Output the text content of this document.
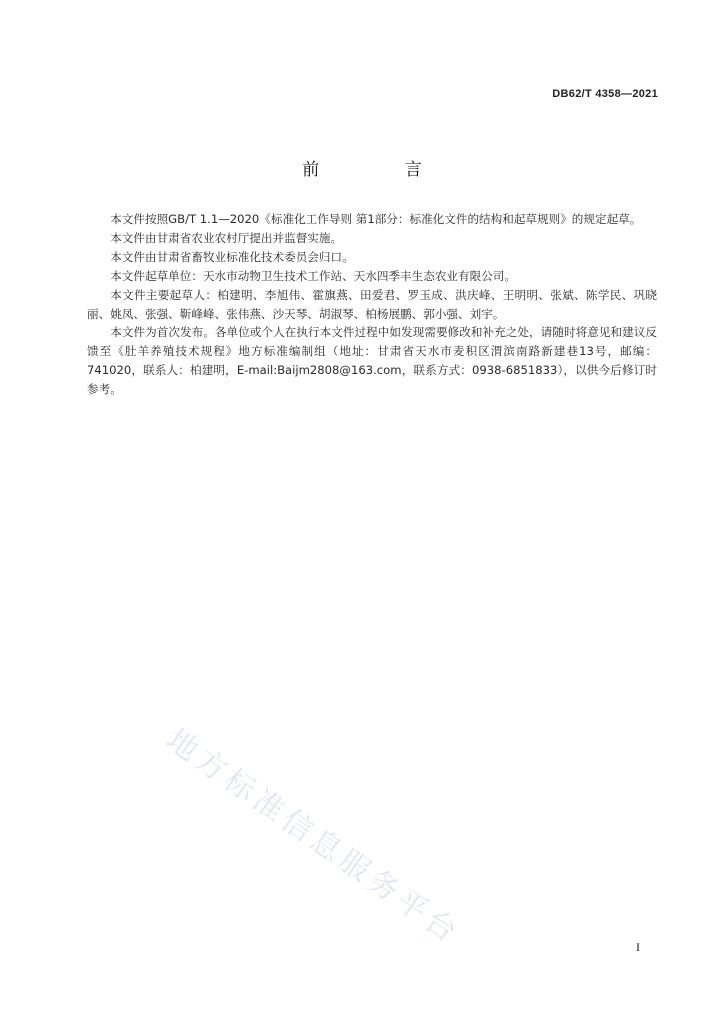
DB62/T 4358—2021
前 言

本文件按照GB/T 1.1—2020《标准化工作导则 第1部分：标准化文件的结构和起草规则》的规定起草。

本文件由甘肃省农业农村厅提出并监督实施。

本文件由甘肃省畜牧业标准化技术委员会归口。

本文件起草单位：天水市动物卫生技术工作站、天水四季丰生态农业有限公司。

本文件主要起草人：柏建明、李旭伟、霍旗燕、田爱君、罗玉成、洪庆峰、王明明、张斌、陈学民、巩晓丽、姚凤、张强、靳峰峰、张伟燕、沙天琴、胡淑琴、柏杨展鹏、郭小强、刘宇。

本文件为首次发布。各单位或个人在执行本文件过程中如发现需要修改和补充之处，请随时将意见和建议反馈至《肚羊养殖技术规程》地方标准编制组（地址：甘肃省天水市麦积区渭滨南路新建巷13号，邮编：741020，联系人：柏建明，E-mail:Baijm2808@163.com，联系方式：0938-6851833），以供今后修订时参考。

地方标准信息服务平台	I
